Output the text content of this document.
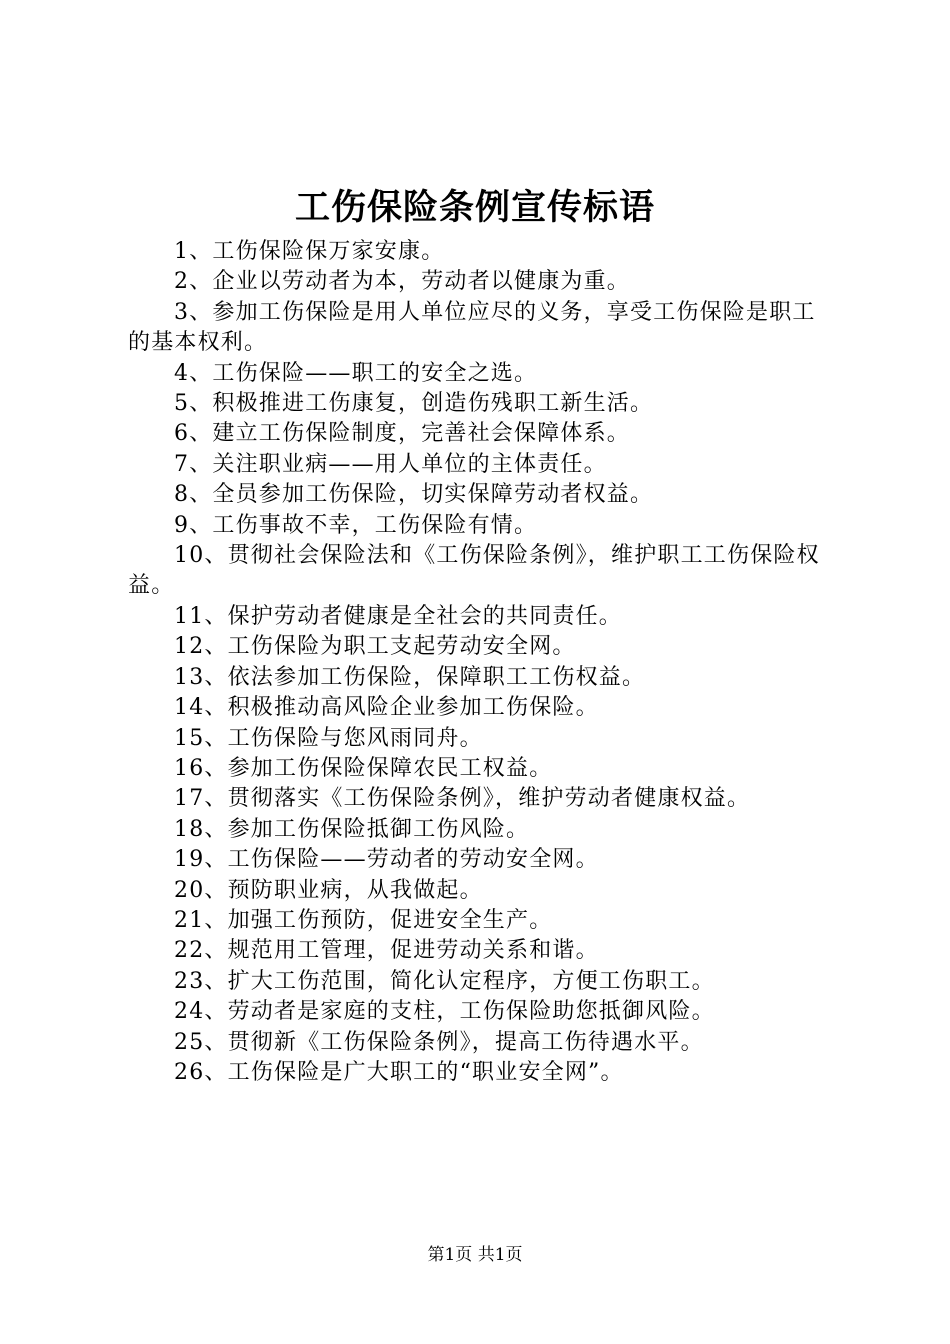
工伤保险条例宣传标语
1、工伤保险保万家安康。
2、企业以劳动者为本，劳动者以健康为重。
3、参加工伤保险是用人单位应尽的义务，享受工伤保险是职工的基本权利。
4、工伤保险——职工的安全之选。
5、积极推进工伤康复，创造伤残职工新生活。
6、建立工伤保险制度，完善社会保障体系。
7、关注职业病——用人单位的主体责任。
8、全员参加工伤保险，切实保障劳动者权益。
9、工伤事故不幸，工伤保险有情。
10、贯彻社会保险法和《工伤保险条例》，维护职工工伤保险权益。
11、保护劳动者健康是全社会的共同责任。
12、工伤保险为职工支起劳动安全网。
13、依法参加工伤保险，保障职工工伤权益。
14、积极推动高风险企业参加工伤保险。
15、工伤保险与您风雨同舟。
16、参加工伤保险保障农民工权益。
17、贯彻落实《工伤保险条例》，维护劳动者健康权益。
18、参加工伤保险抵御工伤风险。
19、工伤保险——劳动者的劳动安全网。
20、预防职业病，从我做起。
21、加强工伤预防，促进安全生产。
22、规范用工管理，促进劳动关系和谐。
23、扩大工伤范围，简化认定程序，方便工伤职工。
24、劳动者是家庭的支柱，工伤保险助您抵御风险。
25、贯彻新《工伤保险条例》，提高工伤待遇水平。
26、工伤保险是广大职工的“职业安全网”。
第1页 共1页
